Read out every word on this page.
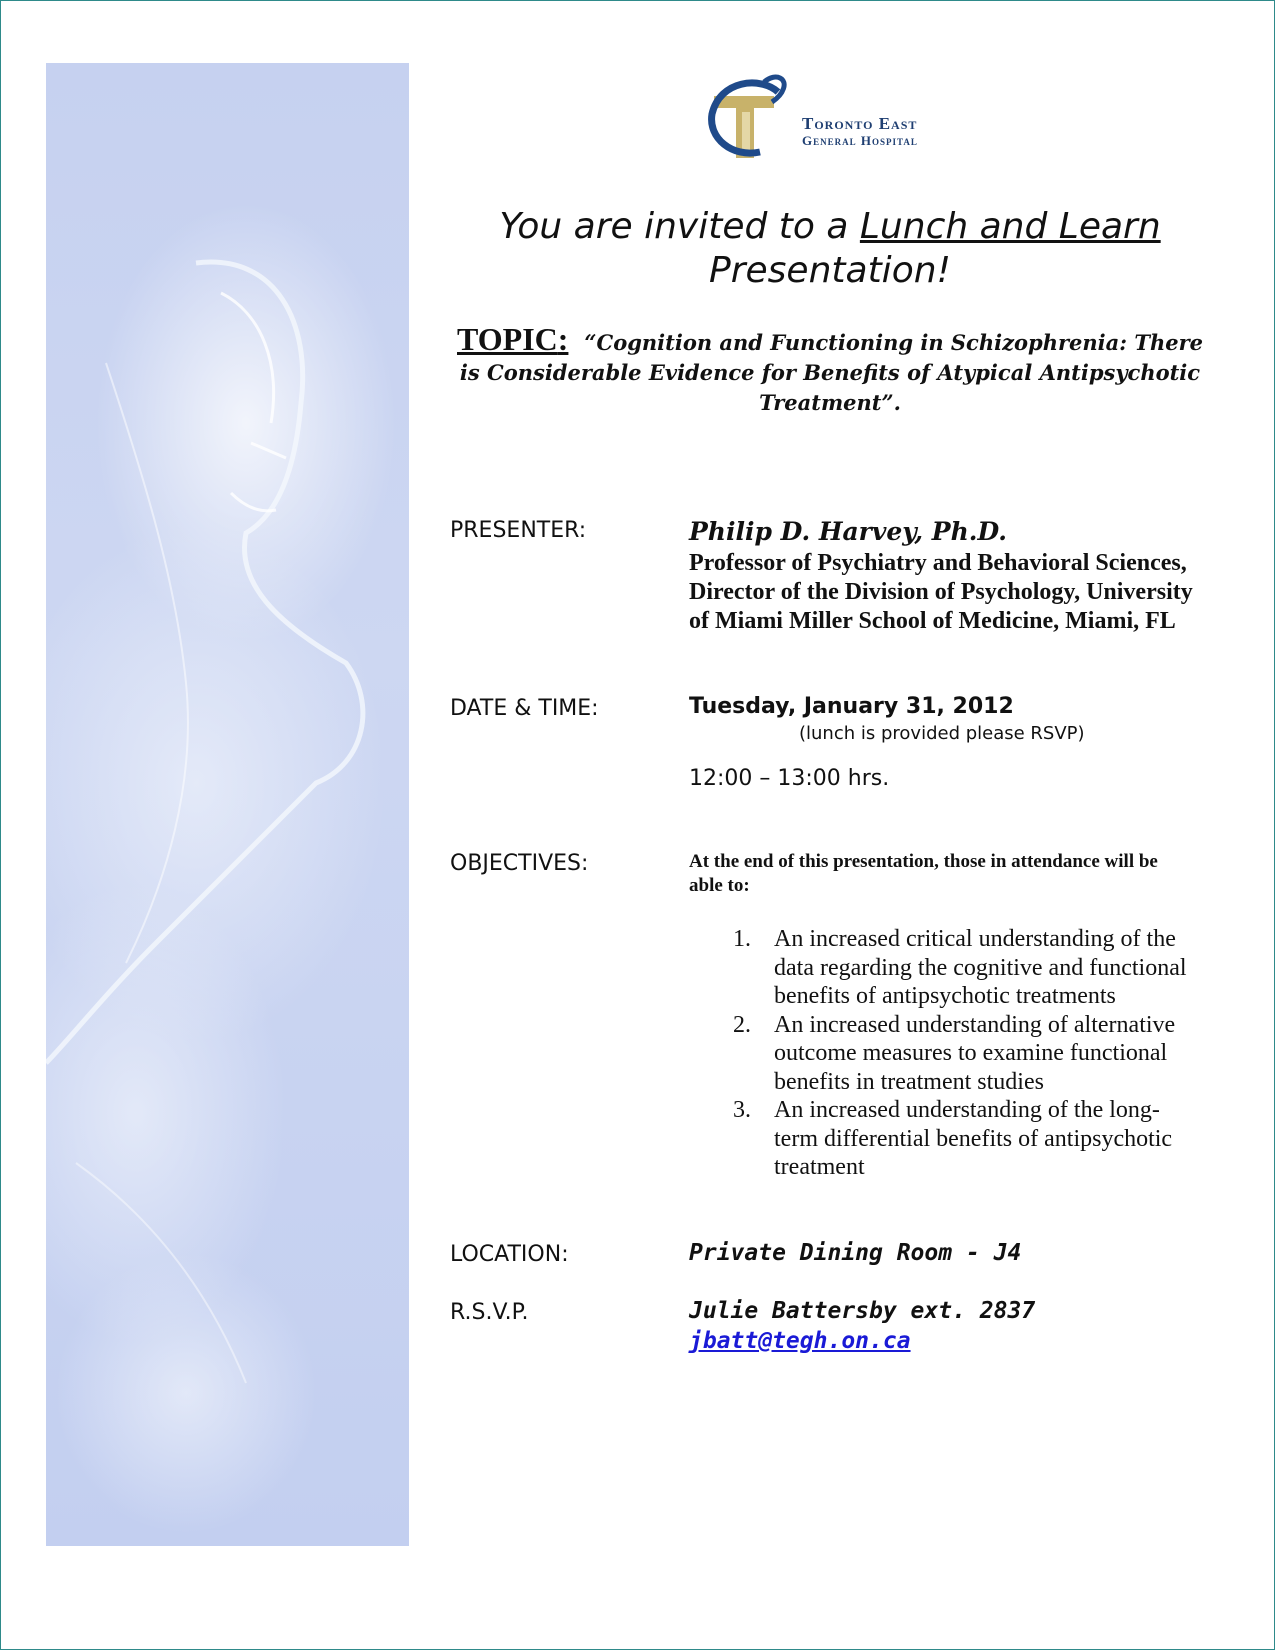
Toronto East
General Hospital
You are invited to a Lunch and Learn
Presentation!
TOPIC: “Cognition and Functioning in Schizophrenia: There is Considerable Evidence for Benefits of Atypical Antipsychotic Treatment”.
PRESENTER:	Philip D. Harvey, Ph.D.
Professor of Psychiatry and Behavioral Sciences, Director of the Division of Psychology, University of Miami Miller School of Medicine, Miami, FL
DATE & TIME:	Tuesday, January 31, 2012
(lunch is provided please RSVP)
12:00 – 13:00 hrs.
OBJECTIVES:	At the end of this presentation, those in attendance will be able to:
1. An increased critical understanding of the data regarding the cognitive and functional benefits of antipsychotic treatments
2. An increased understanding of alternative outcome measures to examine functional benefits in treatment studies
3. An increased understanding of the long-term differential benefits of antipsychotic treatment
LOCATION:	Private Dining Room - J4
R.S.V.P.	Julie Battersby ext. 2837
jbatt@tegh.on.ca
